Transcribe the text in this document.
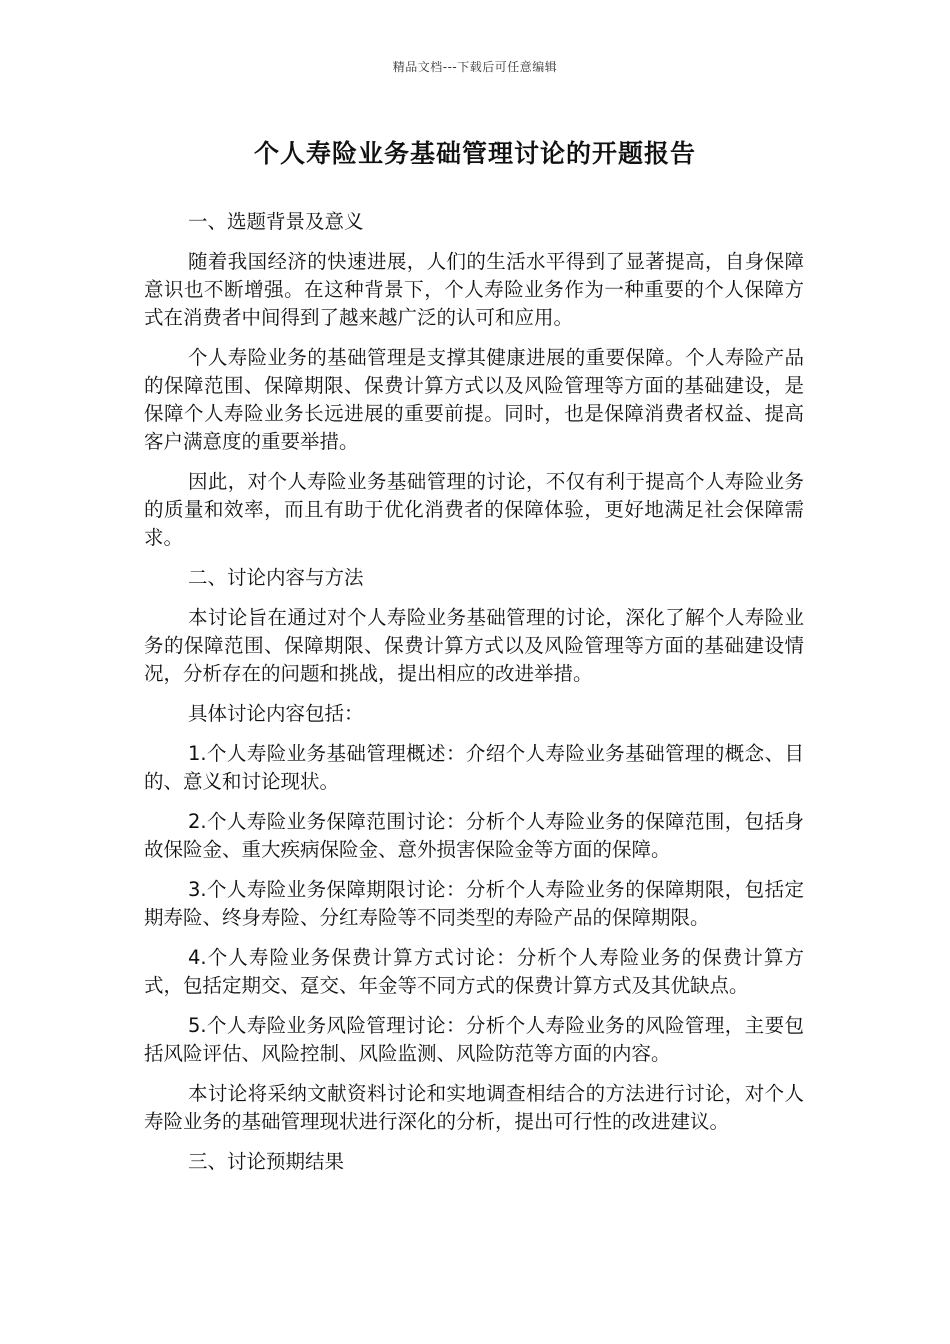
精品文档---下载后可任意编辑
个人寿险业务基础管理讨论的开题报告
一、选题背景及意义

随着我国经济的快速进展，人们的生活水平得到了显著提高，自身保障意识也不断增强。在这种背景下，个人寿险业务作为一种重要的个人保障方式在消费者中间得到了越来越广泛的认可和应用。

个人寿险业务的基础管理是支撑其健康进展的重要保障。个人寿险产品的保障范围、保障期限、保费计算方式以及风险管理等方面的基础建设，是保障个人寿险业务长远进展的重要前提。同时，也是保障消费者权益、提高客户满意度的重要举措。

因此，对个人寿险业务基础管理的讨论，不仅有利于提高个人寿险业务的质量和效率，而且有助于优化消费者的保障体验，更好地满足社会保障需求。

二、讨论内容与方法

本讨论旨在通过对个人寿险业务基础管理的讨论，深化了解个人寿险业务的保障范围、保障期限、保费计算方式以及风险管理等方面的基础建设情况，分析存在的问题和挑战，提出相应的改进举措。

具体讨论内容包括：

1.个人寿险业务基础管理概述：介绍个人寿险业务基础管理的概念、目的、意义和讨论现状。

2.个人寿险业务保障范围讨论：分析个人寿险业务的保障范围，包括身故保险金、重大疾病保险金、意外损害保险金等方面的保障。

3.个人寿险业务保障期限讨论：分析个人寿险业务的保障期限，包括定期寿险、终身寿险、分红寿险等不同类型的寿险产品的保障期限。

4.个人寿险业务保费计算方式讨论：分析个人寿险业务的保费计算方式，包括定期交、趸交、年金等不同方式的保费计算方式及其优缺点。

5.个人寿险业务风险管理讨论：分析个人寿险业务的风险管理，主要包括风险评估、风险控制、风险监测、风险防范等方面的内容。

本讨论将采纳文献资料讨论和实地调查相结合的方法进行讨论，对个人寿险业务的基础管理现状进行深化的分析，提出可行性的改进建议。

三、讨论预期结果
